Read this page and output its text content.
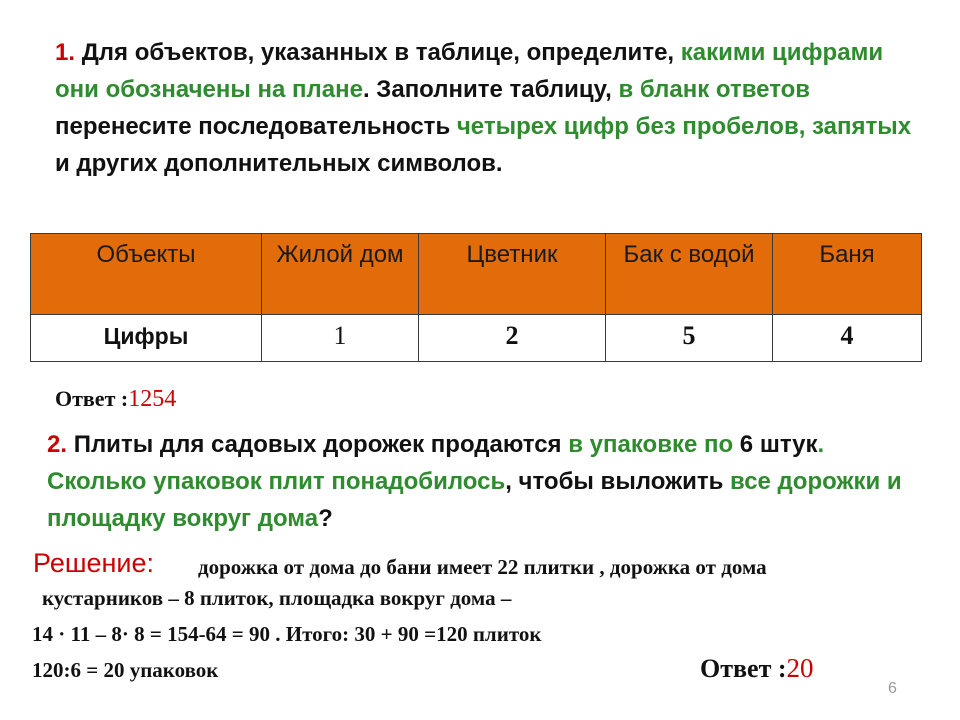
1. Для объектов, указанных в таблице, определите, какими цифрами они обозначены на плане. Заполните таблицу, в бланк ответов перенесите последовательность четырех цифр без пробелов, запятых и других дополнительных символов.
Объекты	Жилой дом	Цветник	Бак с водой	Баня
Цифры	1	2	5	4
Ответ :1254
2. Плиты для садовых дорожек продаются в упаковке по 6 штук. Сколько упаковок плит понадобилось, чтобы выложить все дорожки и площадку вокруг дома?
Решение: дорожка от дома до бани имеет 22 плитки , дорожка от дома
кустарников – 8 плиток, площадка вокруг дома –
14 · 11 – 8· 8 = 154-64 = 90 . Итого: 30 + 90 =120 плиток
120:6 = 20 упаковок	Ответ :20
6
